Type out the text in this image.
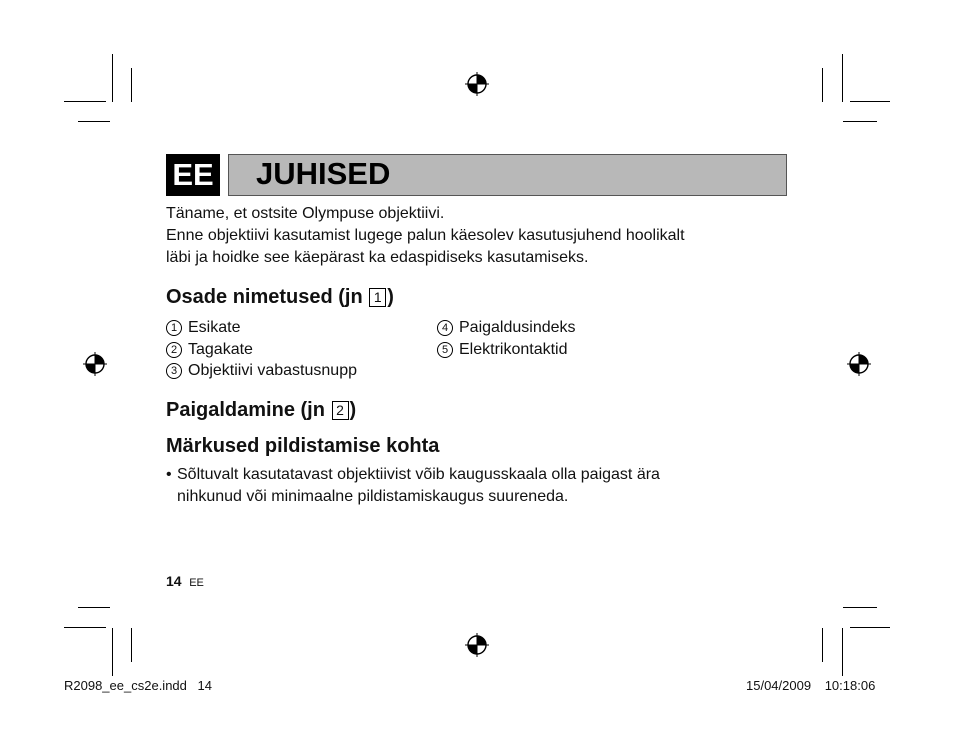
EE JUHISED
Täname, et ostsite Olympuse objektiivi.
Enne objektiivi kasutamist lugege palun käesolev kasutusjuhend hoolikalt
läbi ja hoidke see käepärast ka edaspidiseks kasutamiseks.
Osade nimetused (jn 1 )
1 Esikate
2 Tagakate
3 Objektiivi vabastusnupp
4 Paigaldusindeks
5 Elektrikontaktid
Paigaldamine (jn 2 )
Märkused pildistamise kohta
• Sõltuvalt kasutatavast objektiivist võib kaugusskaala olla paigast ära
nihkunud või minimaalne pildistamiskaugus suureneda.
14 EE
R2098_ee_cs2e.indd 14	15/04/2009 10:18:06
